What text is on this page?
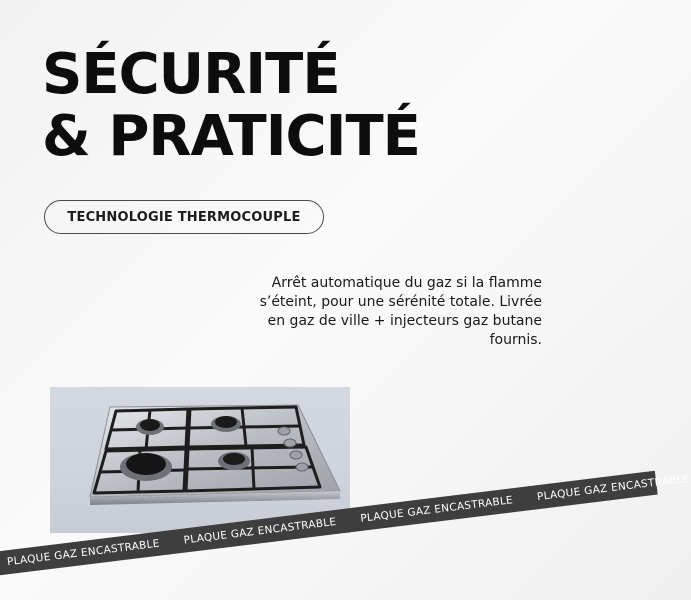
SÉCURITÉ
& PRATICITÉ
TECHNOLOGIE THERMOCOUPLE

Arrêt automatique du gaz si la flamme s’éteint, pour une sérénité totale. Livrée en gaz de ville + injecteurs gaz butane fournis.

PLAQUE GAZ ENCASTRABLE
PLAQUE GAZ ENCASTRABLE
PLAQUE GAZ ENCASTRABLE
PLAQUE GAZ ENCASTRABLE
